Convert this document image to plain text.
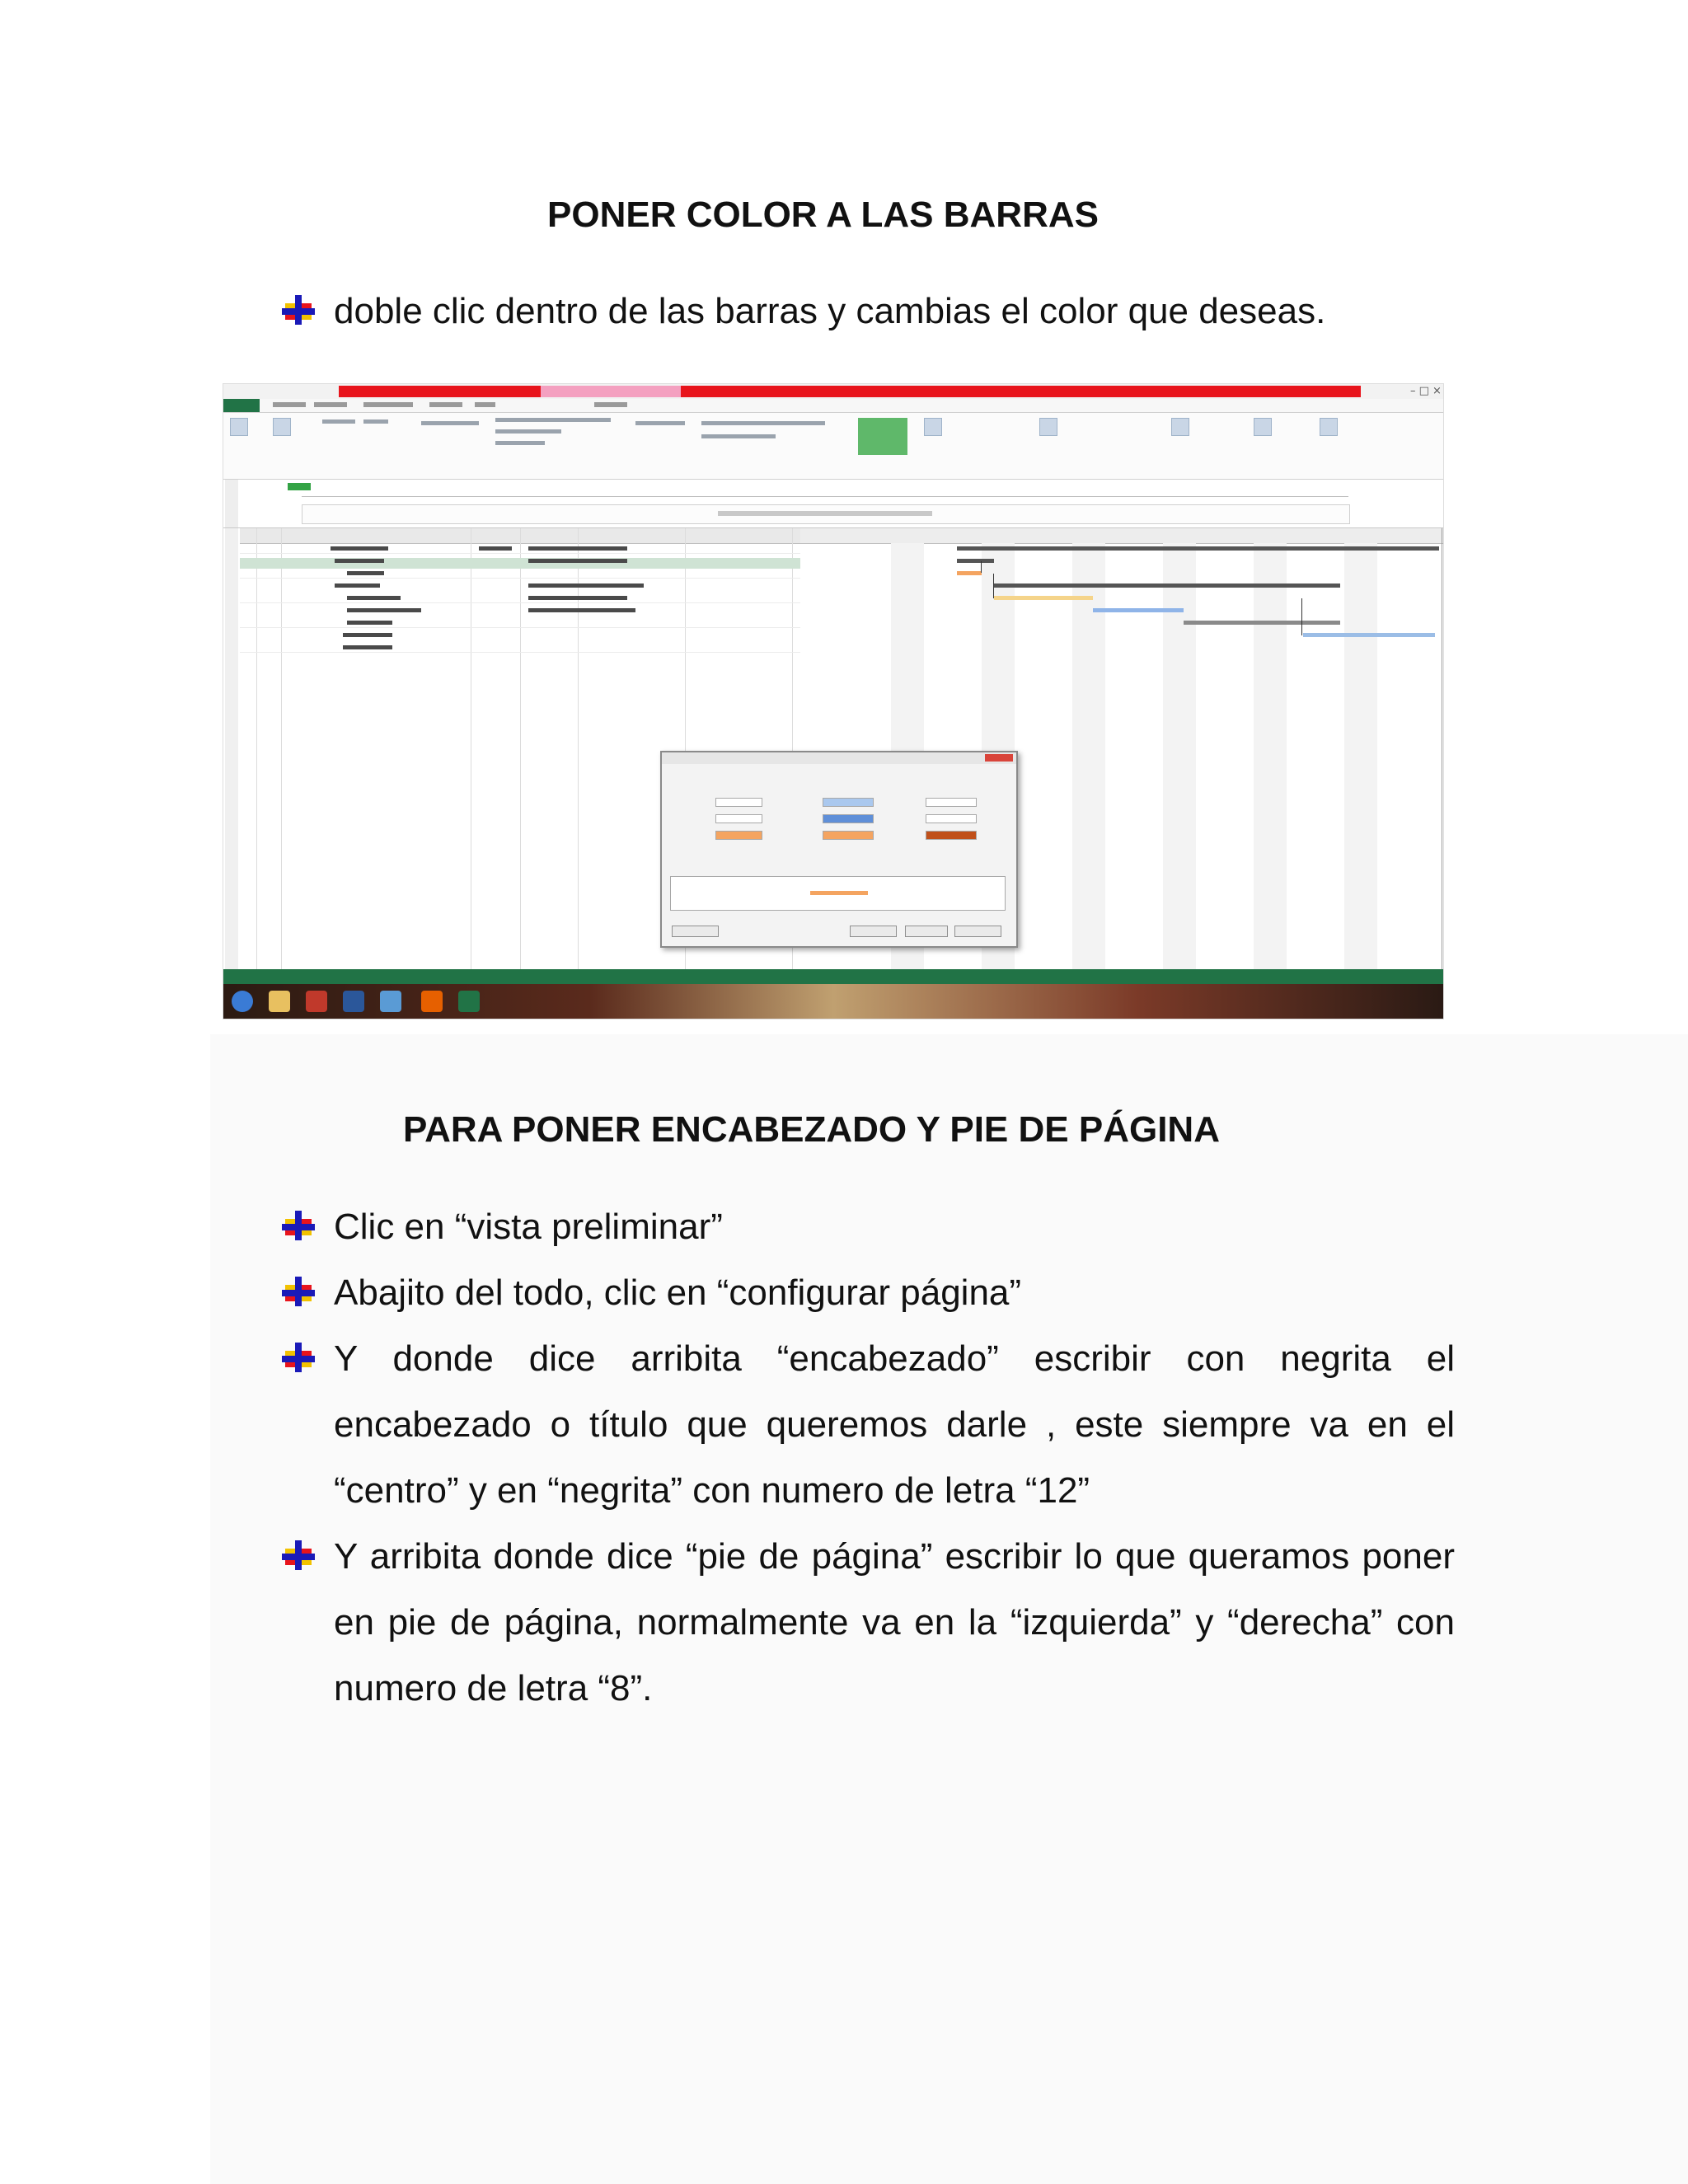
PONER COLOR A LAS BARRAS
doble clic dentro de las barras y cambias el color que deseas.
– □ ×
PARA PONER ENCABEZADO Y PIE DE PÁGINA
Clic en “vista preliminar”
Abajito del todo, clic en “configurar página”
Y donde dice arribita “encabezado” escribir con negrita el encabezado o título que queremos darle , este siempre va en el “centro” y en “negrita” con numero de letra “12”
Y arribita donde dice “pie de página” escribir lo que queramos poner en pie de página, normalmente va en la “izquierda” y “derecha” con numero de letra “8”.
